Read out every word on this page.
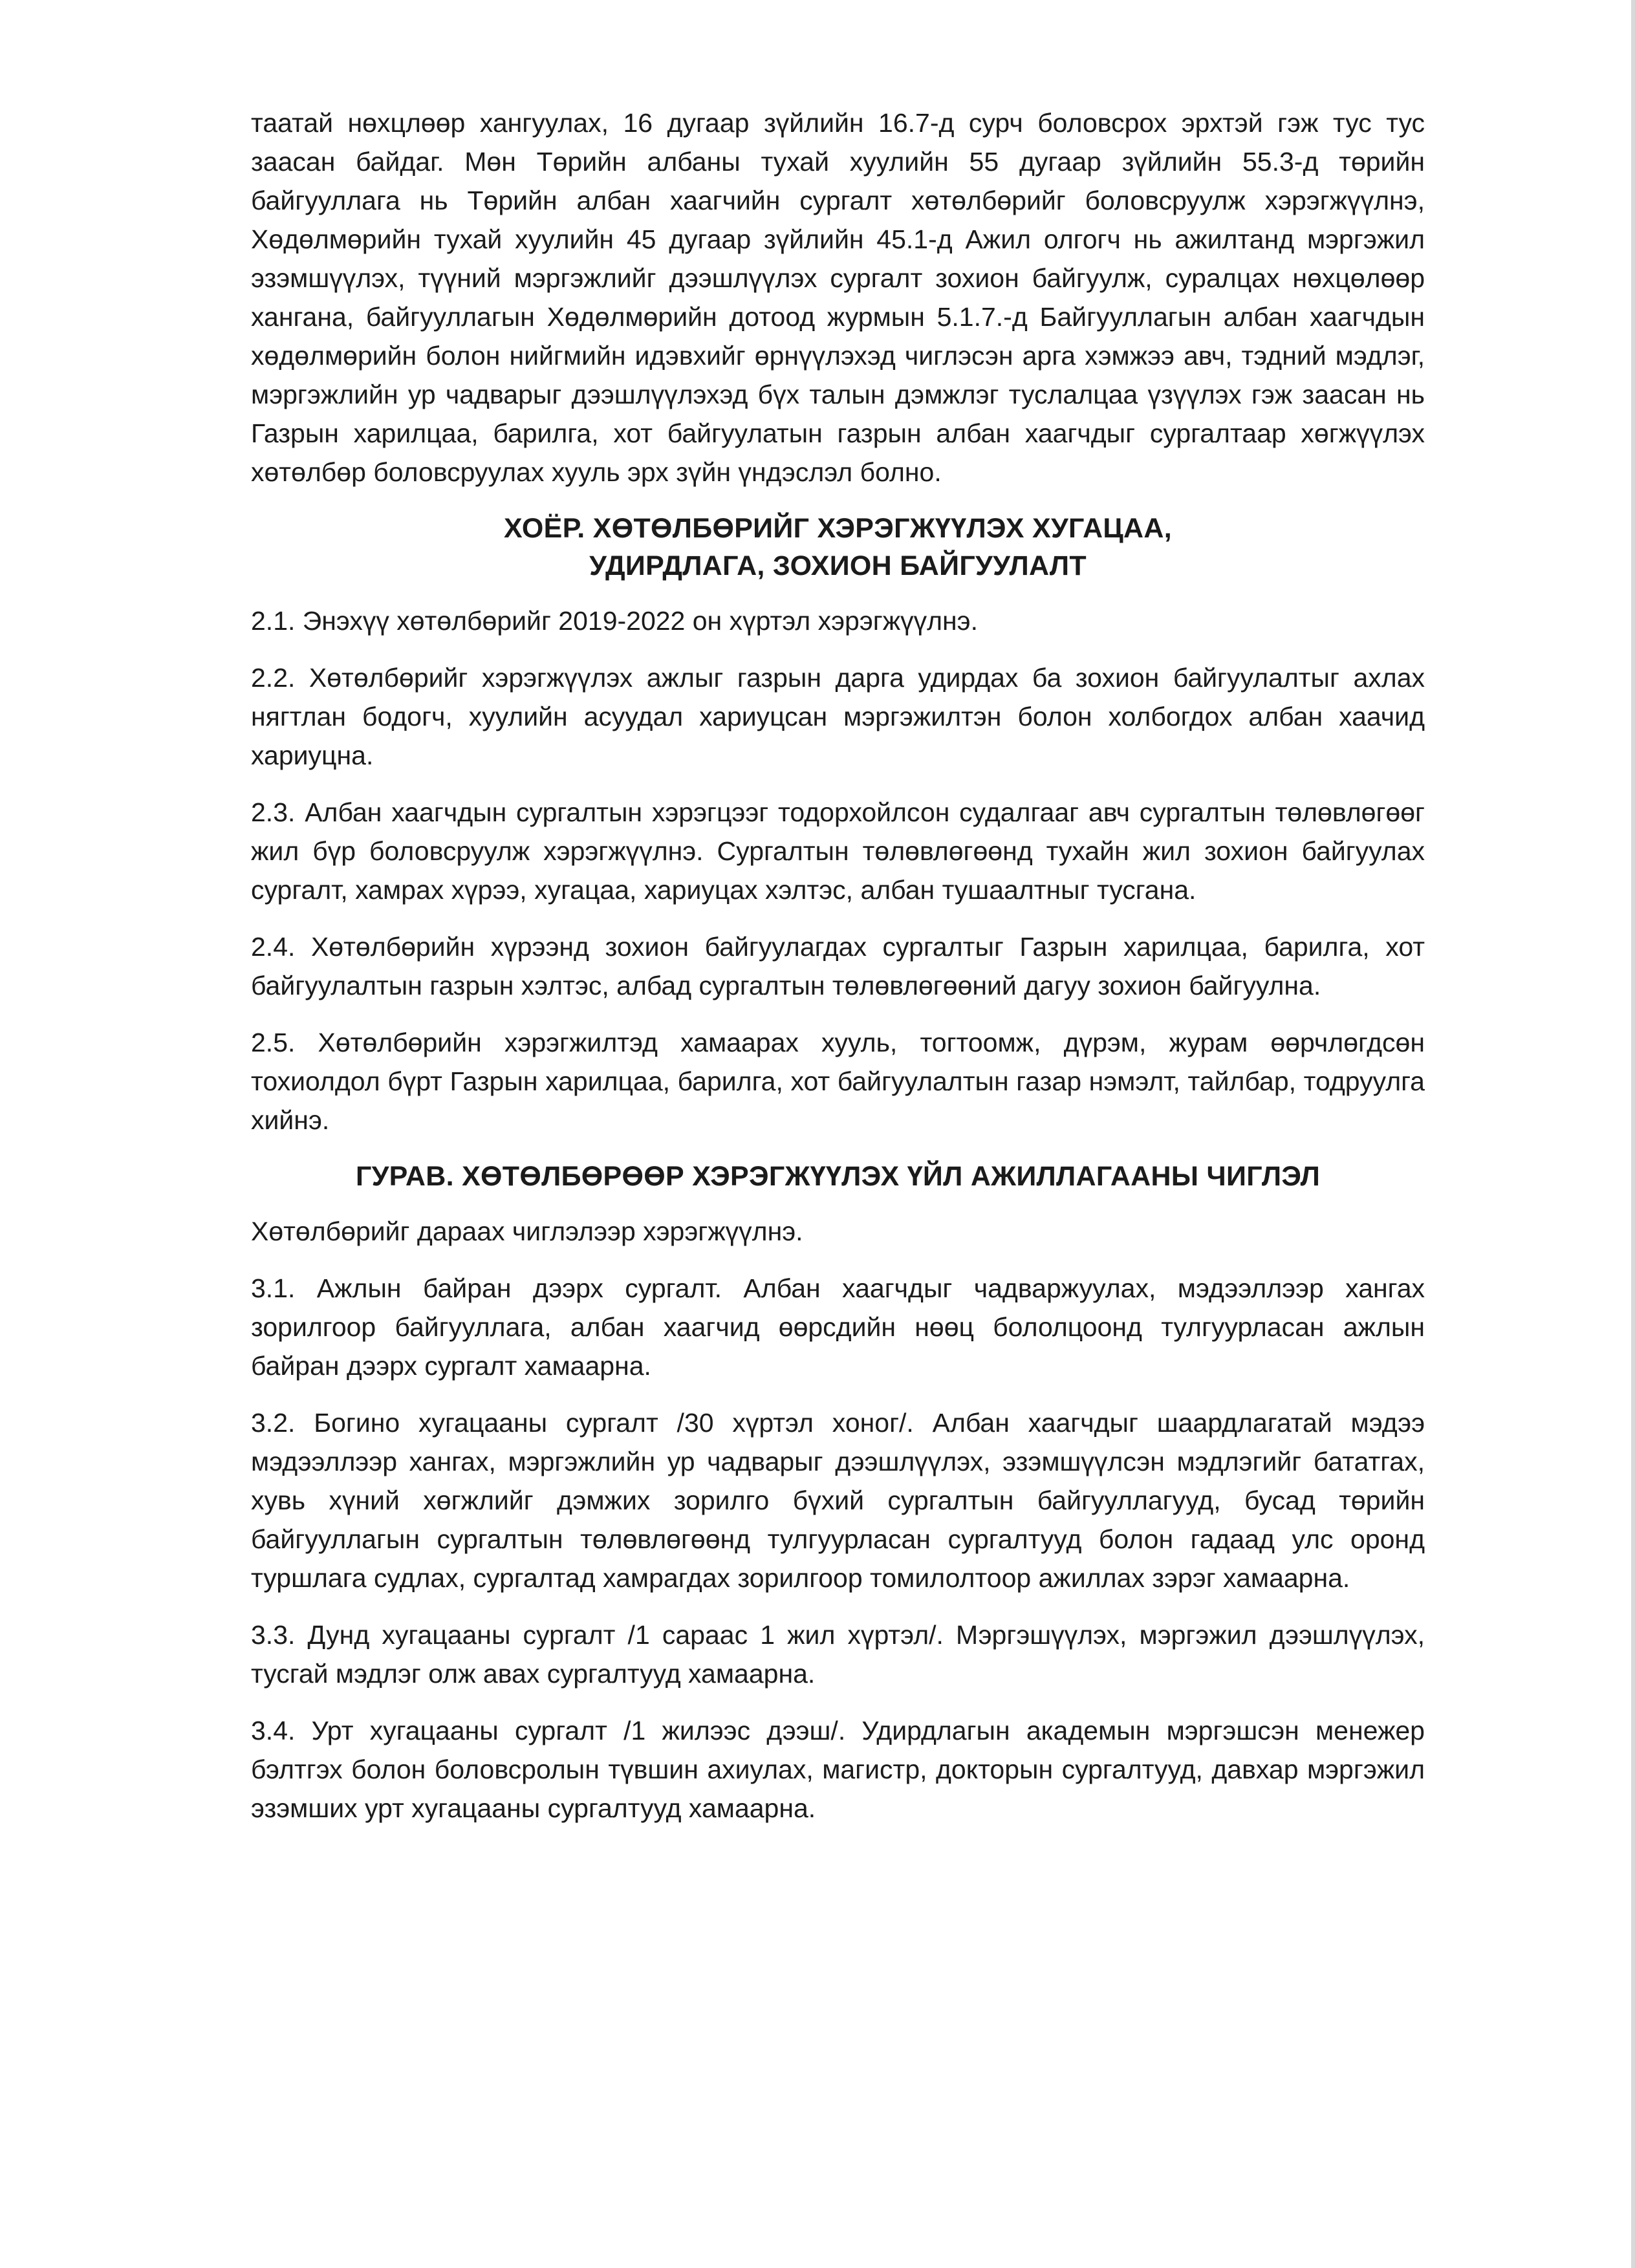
таатай нөхцлөөр хангуулах, 16 дугаар зүйлийн 16.7-д сурч боловсрох эрхтэй гэж тус тус заасан байдаг. Мөн Төрийн албаны тухай хуулийн 55 дугаар зүйлийн 55.3-д төрийн байгууллага нь Төрийн албан хаагчийн сургалт хөтөлбөрийг боловсруулж хэрэгжүүлнэ, Хөдөлмөрийн тухай хуулийн 45 дугаар зүйлийн 45.1-д Ажил олгогч нь ажилтанд мэргэжил эзэмшүүлэх, түүний мэргэжлийг дээшлүүлэх сургалт зохион байгуулж, суралцах нөхцөлөөр хангана, байгууллагын Хөдөлмөрийн дотоод журмын 5.1.7.-д Байгууллагын албан хаагчдын хөдөлмөрийн болон нийгмийн идэвхийг өрнүүлэхэд чиглэсэн арга хэмжээ авч, тэдний мэдлэг, мэргэжлийн ур чадварыг дээшлүүлэхэд бүх талын дэмжлэг туслалцаа үзүүлэх гэж заасан нь Газрын харилцаа, барилга, хот байгуулатын газрын албан хаагчдыг сургалтаар хөгжүүлэх хөтөлбөр боловсруулах хууль эрх зүйн үндэслэл болно.

ХОЁР. ХӨТӨЛБӨРИЙГ ХЭРЭГЖҮҮЛЭХ ХУГАЦАА,
УДИРДЛАГА, ЗОХИОН БАЙГУУЛАЛТ

2.1. Энэхүү хөтөлбөрийг 2019-2022 он хүртэл хэрэгжүүлнэ.

2.2. Хөтөлбөрийг хэрэгжүүлэх ажлыг газрын дарга удирдах ба зохион байгуулалтыг ахлах нягтлан бодогч, хуулийн асуудал хариуцсан мэргэжилтэн болон холбогдох албан хаачид хариуцна.

2.3. Албан хаагчдын сургалтын хэрэгцээг тодорхойлсон судалгааг авч сургалтын төлөвлөгөөг жил бүр боловсруулж хэрэгжүүлнэ. Сургалтын төлөвлөгөөнд тухайн жил зохион байгуулах сургалт, хамрах хүрээ, хугацаа, хариуцах хэлтэс, албан тушаалтныг тусгана.

2.4. Хөтөлбөрийн хүрээнд зохион байгуулагдах сургалтыг Газрын харилцаа, барилга, хот байгуулалтын газрын хэлтэс, албад сургалтын төлөвлөгөөний дагуу зохион байгуулна.

2.5. Хөтөлбөрийн хэрэгжилтэд хамаарах хууль, тогтоомж, дүрэм, журам өөрчлөгдсөн тохиолдол бүрт Газрын харилцаа, барилга, хот байгуулалтын газар нэмэлт, тайлбар, тодруулга хийнэ.

ГУРАВ. ХӨТӨЛБӨРӨӨР ХЭРЭГЖҮҮЛЭХ ҮЙЛ АЖИЛЛАГААНЫ ЧИГЛЭЛ

Хөтөлбөрийг дараах чиглэлээр хэрэгжүүлнэ.

3.1. Ажлын байран дээрх сургалт. Албан хаагчдыг чадваржуулах, мэдээллээр хангах зорилгоор байгууллага, албан хаагчид өөрсдийн нөөц бололцоонд тулгуурласан ажлын байран дээрх сургалт хамаарна.

3.2. Богино хугацааны сургалт /30 хүртэл хоног/. Албан хаагчдыг шаардлагатай мэдээ мэдээллээр хангах, мэргэжлийн ур чадварыг дээшлүүлэх, эзэмшүүлсэн мэдлэгийг бататгах, хувь хүний хөгжлийг дэмжих зорилго бүхий сургалтын байгууллагууд, бусад төрийн байгууллагын сургалтын төлөвлөгөөнд тулгуурласан сургалтууд болон гадаад улс оронд туршлага судлах, сургалтад хамрагдах зорилгоор томилолтоор ажиллах зэрэг хамаарна.

3.3. Дунд хугацааны сургалт /1 сараас 1 жил хүртэл/. Мэргэшүүлэх, мэргэжил дээшлүүлэх, тусгай мэдлэг олж авах сургалтууд хамаарна.

3.4. Урт хугацааны сургалт /1 жилээс дээш/. Удирдлагын академын мэргэшсэн менежер бэлтгэх болон боловсролын түвшин ахиулах, магистр, докторын сургалтууд, давхар мэргэжил эзэмших урт хугацааны сургалтууд хамаарна.
